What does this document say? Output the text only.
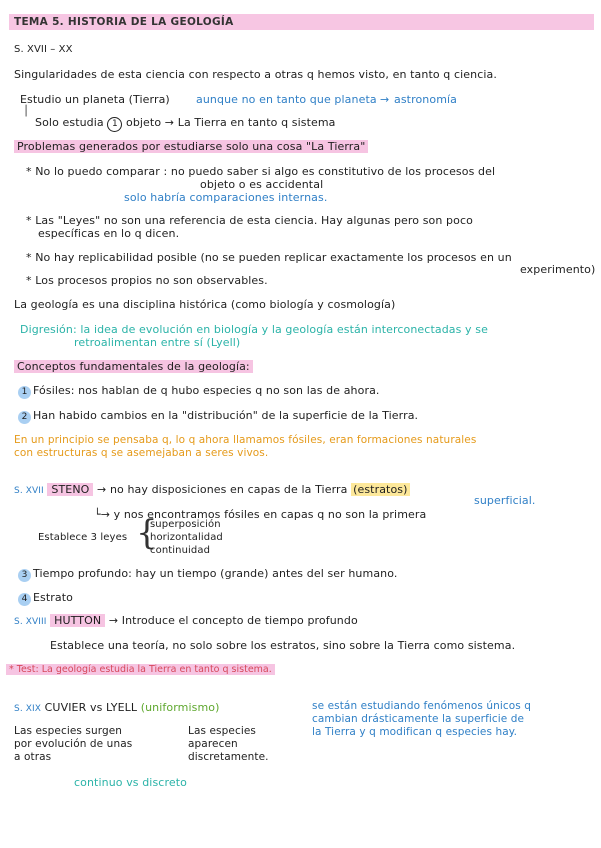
TEMA 5. HISTORIA DE LA GEOLOGÍA
S. XVII – XX
Singularidades de esta ciencia con respecto a otras q hemos visto, en tanto q ciencia.
Estudio un planeta (Tierra) aunque no en tanto que planeta → astronomía
│
Solo estudia 1 objeto → La Tierra en tanto q sistema
Problemas generados por estudiarse solo una cosa "La Tierra"
* No lo puedo comparar : no puedo saber si algo es constitutivo de los procesos del
objeto o es accidental
solo habría comparaciones internas.
* Las "Leyes" no son una referencia de esta ciencia. Hay algunas pero son poco
específicas en lo q dicen.
* No hay replicabilidad posible (no se pueden replicar exactamente los procesos en un
experimento)
* Los procesos propios no son observables.
La geología es una disciplina histórica (como biología y cosmología)
Digresión: la idea de evolución en biología y la geología están interconectadas y se
retroalimentan entre sí (Lyell)
Conceptos fundamentales de la geología:
1 Fósiles: nos hablan de q hubo especies q no son las de ahora.
2 Han habido cambios en la "distribución" de la superficie de la Tierra.
En un principio se pensaba q, lo q ahora llamamos fósiles, eran formaciones naturales
con estructuras q se asemejaban a seres vivos.
S. XVII STENO → no hay disposiciones en capas de la Tierra (estratos)
superficial.
└→ y nos encontramos fósiles en capas q no son la primera
Establece 3 leyes {
superposición
horizontalidad
continuidad
3 Tiempo profundo: hay un tiempo (grande) antes del ser humano.
4 Estrato
S. XVIII HUTTON → Introduce el concepto de tiempo profundo
Establece una teoría, no solo sobre los estratos, sino sobre la Tierra como sistema.
* Test: La geología estudia la Tierra en tanto q sistema.
S. XIX CUVIER vs LYELL (uniformismo)
Las especies surgen
por evolución de unas
a otras
Las especies
aparecen
discretamente.
se están estudiando fenómenos únicos q
cambian drásticamente la superficie de
la Tierra y q modifican q especies hay.
continuo vs discreto
